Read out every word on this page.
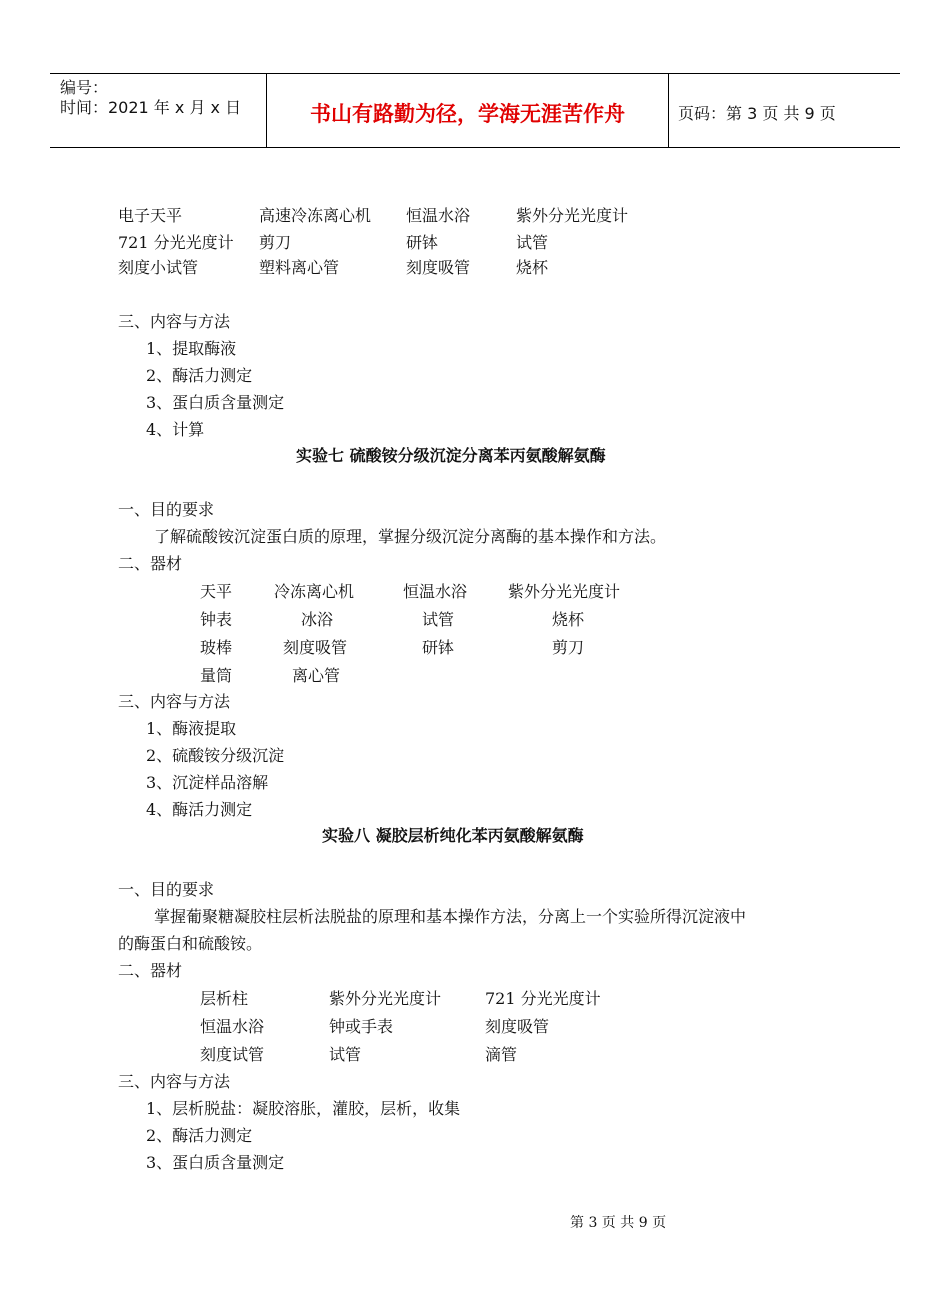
编号：
时间：2021 年 x 月 x 日	书山有路勤为径，学海无涯苦作舟	页码：第 3 页 共 9 页
电子天平	高速冷冻离心机 恒温水浴	紫外分光光度计
721 分光光度计 剪刀	研钵	试管
刻度小试管	塑料离心管	刻度吸管	烧杯
三、内容与方法
1、提取酶液
2、酶活力测定
3、蛋白质含量测定
4、计算
实验七 硫酸铵分级沉淀分离苯丙氨酸解氨酶
一、目的要求
了解硫酸铵沉淀蛋白质的原理，掌握分级沉淀分离酶的基本操作和方法。
二、器材
天平	冷冻离心机	恒温水浴	紫外分光光度计
钟表	冰浴	试管	烧杯
玻棒	刻度吸管	研钵	剪刀
量筒	离心管
三、内容与方法
1、酶液提取
2、硫酸铵分级沉淀
3、沉淀样品溶解
4、酶活力测定
实验八 凝胶层析纯化苯丙氨酸解氨酶
一、目的要求
掌握葡聚糖凝胶柱层析法脱盐的原理和基本操作方法，分离上一个实验所得沉淀液中
的酶蛋白和硫酸铵。
二、器材
层析柱	紫外分光光度计	721 分光光度计
恒温水浴	钟或手表	刻度吸管
刻度试管	试管	滴管
三、内容与方法
1、层析脱盐：凝胶溶胀，灌胶，层析，收集
2、酶活力测定
3、蛋白质含量测定
第 3 页 共 9 页
